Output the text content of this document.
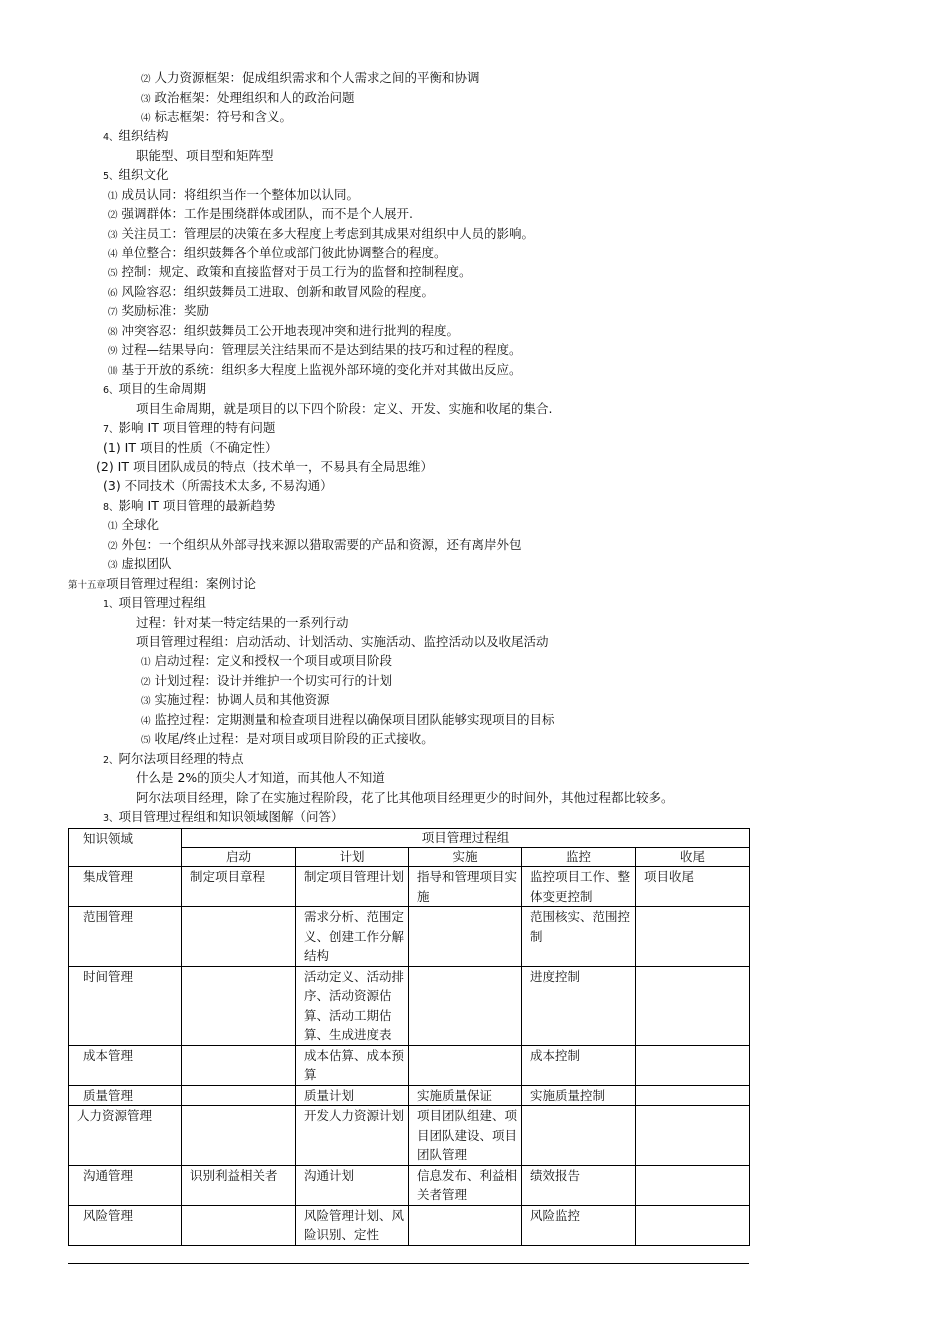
⑵ 人力资源框架：促成组织需求和个人需求之间的平衡和协调
⑶ 政治框架：处理组织和人的政治问题
⑷ 标志框架：符号和含义。
4、组织结构
职能型、项目型和矩阵型
5、组织文化
⑴ 成员认同：将组织当作一个整体加以认同。
⑵ 强调群体：工作是围绕群体或团队，而不是个人展开.
⑶ 关注员工：管理层的决策在多大程度上考虑到其成果对组织中人员的影响。
⑷ 单位整合：组织鼓舞各个单位或部门彼此协调整合的程度。
⑸ 控制：规定、政策和直接监督对于员工行为的监督和控制程度。
⑹ 风险容忍：组织鼓舞员工进取、创新和敢冒风险的程度。
⑺ 奖励标准：奖励
⑻ 冲突容忍：组织鼓舞员工公开地表现冲突和进行批判的程度。
⑼ 过程—结果导向：管理层关注结果而不是达到结果的技巧和过程的程度。
⑽ 基于开放的系统：组织多大程度上监视外部环境的变化并对其做出反应。
6、项目的生命周期
项目生命周期，就是项目的以下四个阶段：定义、开发、实施和收尾的集合.
7、影响 IT 项目管理的特有问题
(1) IT 项目的性质（不确定性）
(2) IT 项目团队成员的特点（技术单一，不易具有全局思维）
(3) 不同技术（所需技术太多, 不易沟通）
8、影响 IT 项目管理的最新趋势
⑴ 全球化
⑵ 外包：一个组织从外部寻找来源以猎取需要的产品和资源，还有离岸外包
⑶ 虚拟团队
第十五章项目管理过程组：案例讨论
1、项目管理过程组
过程：针对某一特定结果的一系列行动
项目管理过程组：启动活动、计划活动、实施活动、监控活动以及收尾活动
⑴ 启动过程：定义和授权一个项目或项目阶段
⑵ 计划过程：设计并维护一个切实可行的计划
⑶ 实施过程：协调人员和其他资源
⑷ 监控过程：定期测量和检查项目进程以确保项目团队能够实现项目的目标
⑸ 收尾/终止过程：是对项目或项目阶段的正式接收。
2、阿尔法项目经理的特点
什么是 2%的顶尖人才知道，而其他人不知道
阿尔法项目经理，除了在实施过程阶段，花了比其他项目经理更少的时间外，其他过程都比较多。
3、项目管理过程组和知识领域图解（问答）
知识领域	项目管理过程组				
	启动	计划	实施	监控	收尾
集成管理	制定项目章程	制定项目管理计划	指导和管理项目实施	监控项目工作、整体变更控制	项目收尾
范围管理		需求分析、范围定义、创建工作分解结构		范围核实、范围控制	
时间管理		活动定义、活动排序、活动资源估算、活动工期估算、生成进度表		进度控制	
成本管理		成本估算、成本预算		成本控制	
质量管理		质量计划	实施质量保证	实施质量控制	
人力资源管理		开发人力资源计划	项目团队组建、项目团队建设、项目团队管理		
沟通管理	识别利益相关者	沟通计划	信息发布、利益相关者管理	绩效报告	
风险管理		风险管理计划、风险识别、定性		风险监控	
